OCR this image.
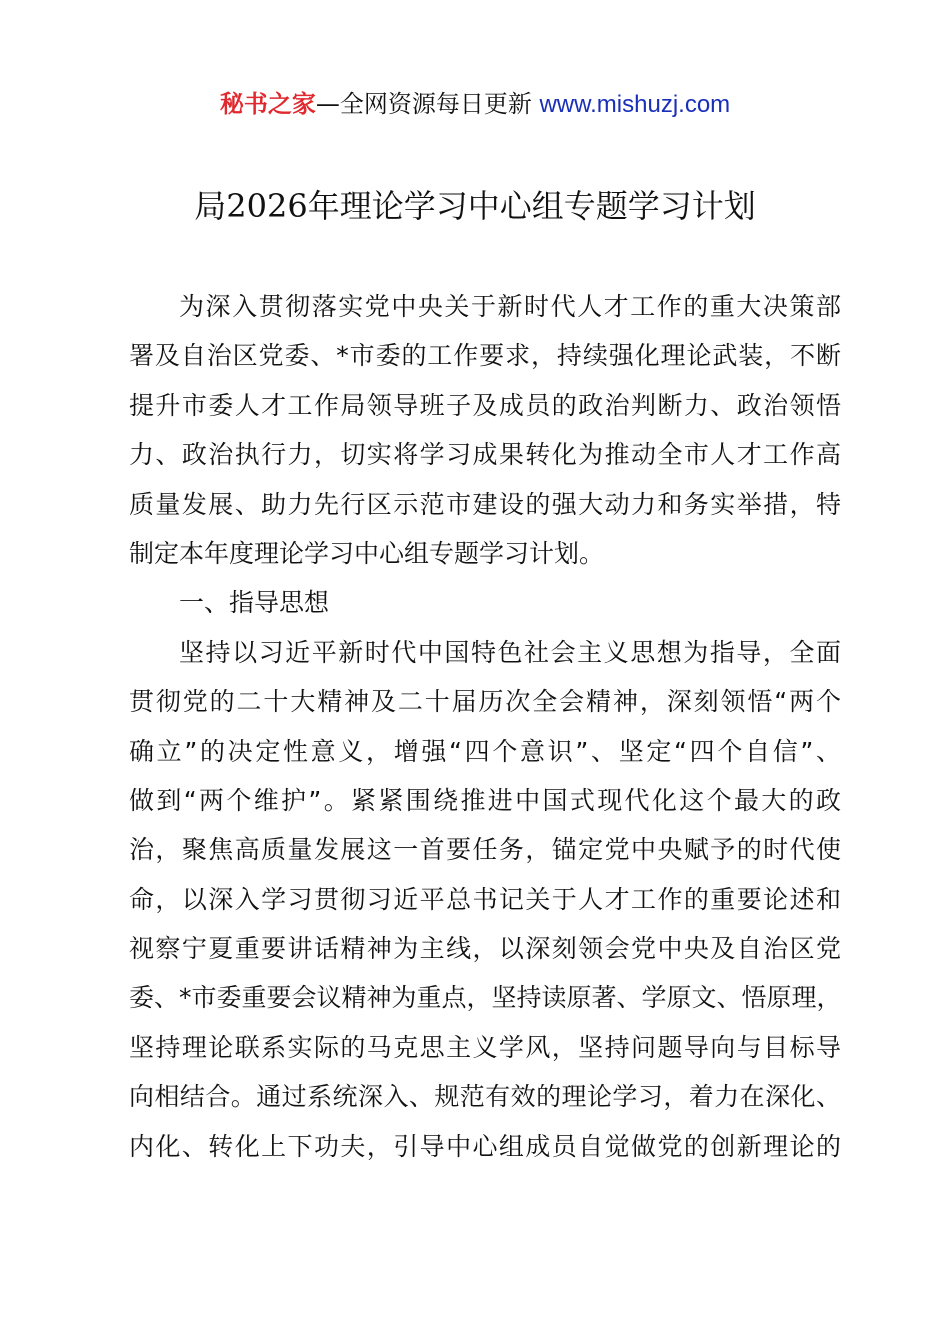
秘书之家—全网资源每日更新 www.mishuzj.com
局2026年理论学习中心组专题学习计划
为深入贯彻落实党中央关于新时代人才工作的重大决策部
署及自治区党委、*市委的工作要求，持续强化理论武装，不断
提升市委人才工作局领导班子及成员的政治判断力、政治领悟
力、政治执行力，切实将学习成果转化为推动全市人才工作高
质量发展、助力先行区示范市建设的强大动力和务实举措，特
制定本年度理论学习中心组专题学习计划。
一、指导思想
坚持以习近平新时代中国特色社会主义思想为指导，全面
贯彻党的二十大精神及二十届历次全会精神，深刻领悟“两个
确立”的决定性意义，增强“四个意识”、坚定“四个自信”、
做到“两个维护”。紧紧围绕推进中国式现代化这个最大的政
治，聚焦高质量发展这一首要任务，锚定党中央赋予的时代使
命，以深入学习贯彻习近平总书记关于人才工作的重要论述和
视察宁夏重要讲话精神为主线，以深刻领会党中央及自治区党
委、*市委重要会议精神为重点，坚持读原著、学原文、悟原理，
坚持理论联系实际的马克思主义学风，坚持问题导向与目标导
向相结合。通过系统深入、规范有效的理论学习，着力在深化、
内化、转化上下功夫，引导中心组成员自觉做党的创新理论的
